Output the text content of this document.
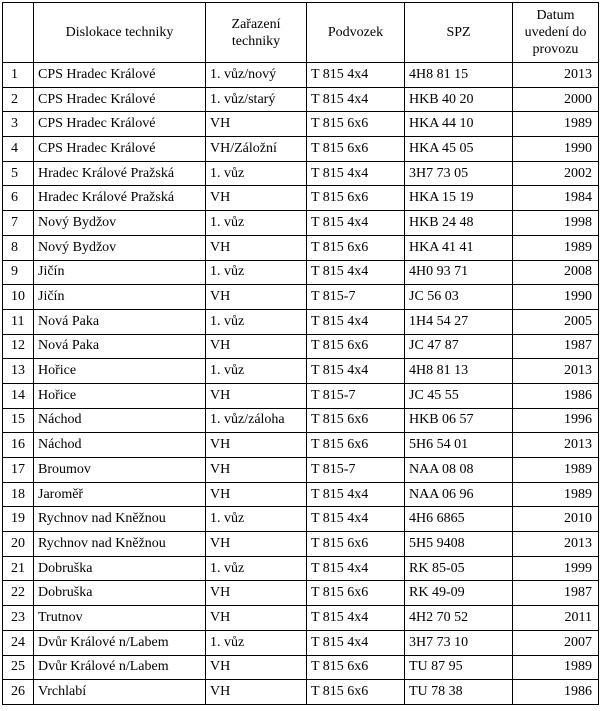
	Dislokace techniky	Zařazení techniky	Podvozek	SPZ	Datum uvedení do provozu
1	CPS Hradec Králové	1. vůz/nový	T 815 4x4	4H8 81 15	2013
2	CPS Hradec Králové	1. vůz/starý	T 815 4x4	HKB 40 20	2000
3	CPS Hradec Králové	VH	T 815 6x6	HKA 44 10	1989
4	CPS Hradec Králové	VH/Záložní	T 815 6x6	HKA 45 05	1990
5	Hradec Králové Pražská	1. vůz	T 815 4x4	3H7 73 05	2002
6	Hradec Králové Pražská	VH	T 815 6x6	HKA 15 19	1984
7	Nový Bydžov	1. vůz	T 815 4x4	HKB 24 48	1998
8	Nový Bydžov	VH	T 815 6x6	HKA 41 41	1989
9	Jičín	1. vůz	T 815 4x4	4H0 93 71	2008
10	Jičín	VH	T 815-7	JC 56 03	1990
11	Nová Paka	1. vůz	T 815 4x4	1H4 54 27	2005
12	Nová Paka	VH	T 815 6x6	JC 47 87	1987
13	Hořice	1. vůz	T 815 4x4	4H8 81 13	2013
14	Hořice	VH	T 815-7	JC 45 55	1986
15	Náchod	1. vůz/záloha	T 815 6x6	HKB 06 57	1996
16	Náchod	VH	T 815 6x6	5H6 54 01	2013
17	Broumov	VH	T 815-7	NAA 08 08	1989
18	Jaroměř	VH	T 815 4x4	NAA 06 96	1989
19	Rychnov nad Kněžnou	1. vůz	T 815 4x4	4H6 6865	2010
20	Rychnov nad Kněžnou	VH	T 815 6x6	5H5 9408	2013
21	Dobruška	1. vůz	T 815 4x4	RK 85-05	1999
22	Dobruška	VH	T 815 6x6	RK 49-09	1987
23	Trutnov	VH	T 815 4x4	4H2 70 52	2011
24	Dvůr Králové n/Labem	1. vůz	T 815 4x4	3H7 73 10	2007
25	Dvůr Králové n/Labem	VH	T 815 6x6	TU 87 95	1989
26	Vrchlabí	VH	T 815 6x6	TU 78 38	1986
